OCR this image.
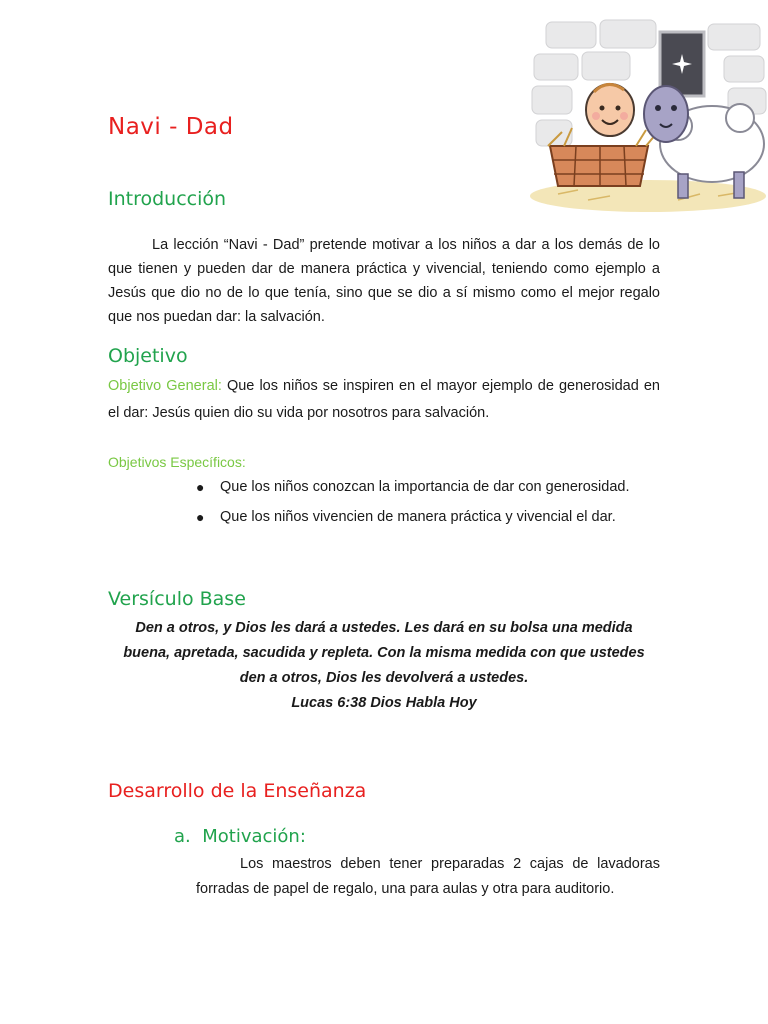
Navi - Dad
Introducción

La lección “Navi - Dad” pretende motivar a los niños a dar a los demás de lo que tienen y pueden dar de manera práctica y vivencial, teniendo como ejemplo a Jesús que dio no de lo que tenía, sino que se dio a sí mismo como el mejor regalo que nos puedan dar: la salvación.

Objetivo

Objetivo General: Que los niños se inspiren en el mayor ejemplo de generosidad en el dar: Jesús quien dio su vida por nosotros para salvación.

Objetivos Específicos:

● Que los niños conozcan la importancia de dar con generosidad.
● Que los niños vivencien de manera práctica y vivencial el dar.
Versículo Base
Den a otros, y Dios les dará a ustedes. Les dará en su bolsa una medida buena, apretada, sacudida y repleta. Con la misma medida con que ustedes den a otros, Dios les devolverá a ustedes.
Lucas 6:38 Dios Habla Hoy
Desarrollo de la Enseñanza
a. Motivación:

Los maestros deben tener preparadas 2 cajas de lavadoras forradas de papel de regalo, una para aulas y otra para auditorio.
